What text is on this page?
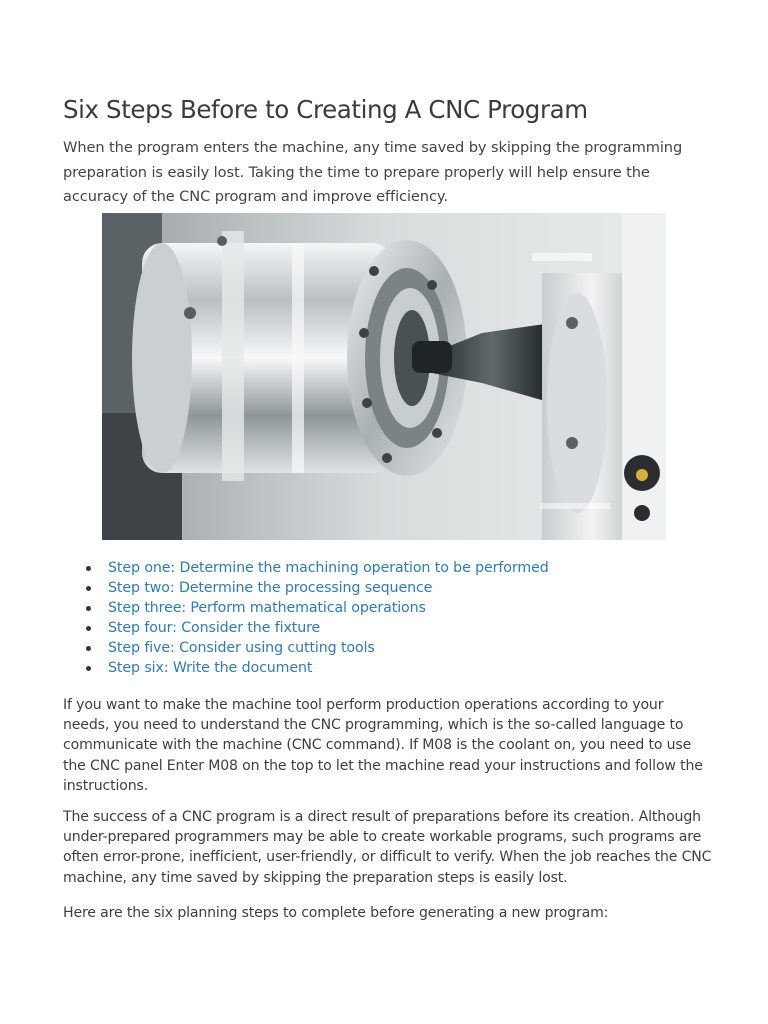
Six Steps Before to Creating A CNC Program

When the program enters the machine, any time saved by skipping the programming preparation is easily lost. Taking the time to prepare properly will help ensure the accuracy of the CNC program and improve efficiency.

Step one: Determine the machining operation to be performed
Step two: Determine the processing sequence
Step three: Perform mathematical operations
Step four: Consider the fixture
Step five: Consider using cutting tools
Step six: Write the document

If you want to make the machine tool perform production operations according to your needs, you need to understand the CNC programming, which is the so-called language to communicate with the machine (CNC command). If M08 is the coolant on, you need to use the CNC panel Enter M08 on the top to let the machine read your instructions and follow the instructions.

The success of a CNC program is a direct result of preparations before its creation. Although under-prepared programmers may be able to create workable programs, such programs are often error-prone, inefficient, user-friendly, or difficult to verify. When the job reaches the CNC machine, any time saved by skipping the preparation steps is easily lost.

Here are the six planning steps to complete before generating a new program:
